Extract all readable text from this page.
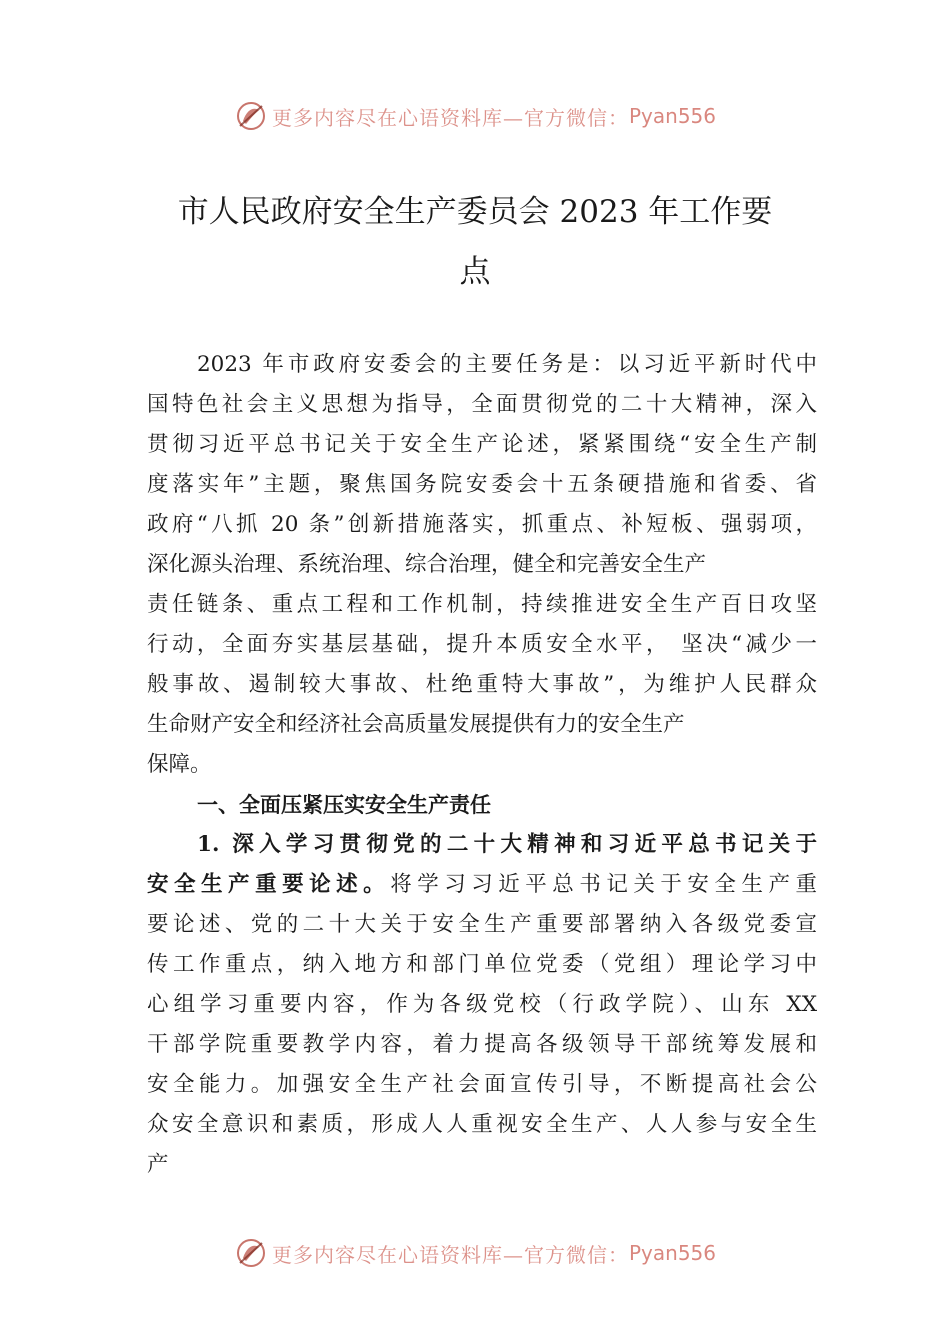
更多内容尽在心语资料库—官方微信： Pyan556
市人民政府安全生产委员会 2023 年工作要
点
2023 年市政府安委会的主要任务是：以习近平新时代中
国特色社会主义思想为指导，全面贯彻党的二十大精神，深入
贯彻习近平总书记关于安全生产论述，紧紧围绕“安全生产制
度落实年”主题，聚焦国务院安委会十五条硬措施和省委、省
政府“八抓 20 条”创新措施落实，抓重点、补短板、强弱项，
深化源头治理、系统治理、综合治理，健全和完善安全生产
责任链条、重点工程和工作机制，持续推进安全生产百日攻坚
行动，全面夯实基层基础，提升本质安全水平， 坚决“减少一
般事故、遏制较大事故、杜绝重特大事故”，为维护人民群众
生命财产安全和经济社会高质量发展提供有力的安全生产
保障。
一、全面压紧压实安全生产责任
1. 深入学习贯彻党的二十大精神和习近平总书记关于
安全生产重要论述。将学习习近平总书记关于安全生产重
要论述、党的二十大关于安全生产重要部署纳入各级党委宣
传工作重点，纳入地方和部门单位党委（党组）理论学习中
心组学习重要内容，作为各级党校（行政学院）、山东 XX
干部学院重要教学内容，着力提高各级领导干部统筹发展和
安全能力。加强安全生产社会面宣传引导，不断提高社会公
众安全意识和素质，形成人人重视安全生产、人人参与安全生
产
更多内容尽在心语资料库—官方微信： Pyan556
